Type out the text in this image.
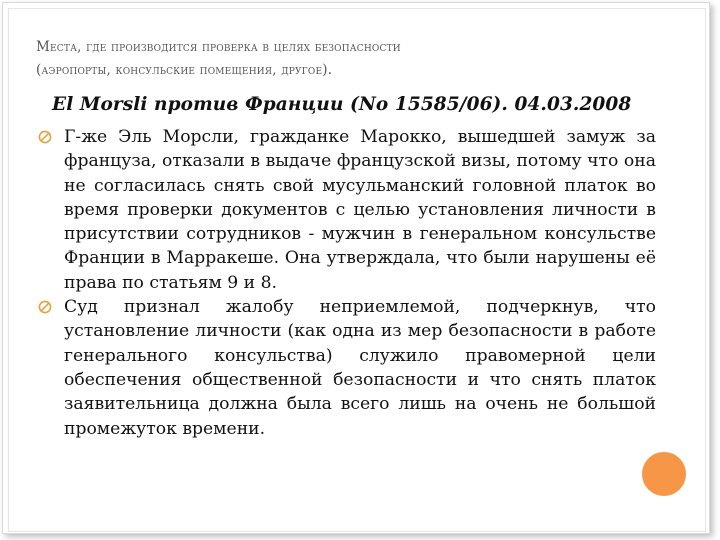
Места, где производится проверка в целях безопасности
(аэропорты, консульские помещения, другое).
El Morsli против Франции (No 15585/06). 04.03.2008
Г-же Эль Морсли, гражданке Марокко, вышедшей замуж за француза, отказали в выдаче французской визы, потому что она не согласилась снять свой мусульманский головной платок во время проверки документов с целью установления личности в присутствии сотрудников - мужчин в генеральном консульстве Франции в Марракеше. Она утверждала, что были нарушены её права по статьям 9 и 8.
Суд признал жалобу неприемлемой, подчеркнув, что установление личности (как одна из мер безопасности в работе генерального консульства) служило правомерной цели обеспечения общественной безопасности и что снять платок заявительница должна была всего лишь на очень не большой промежуток времени.
